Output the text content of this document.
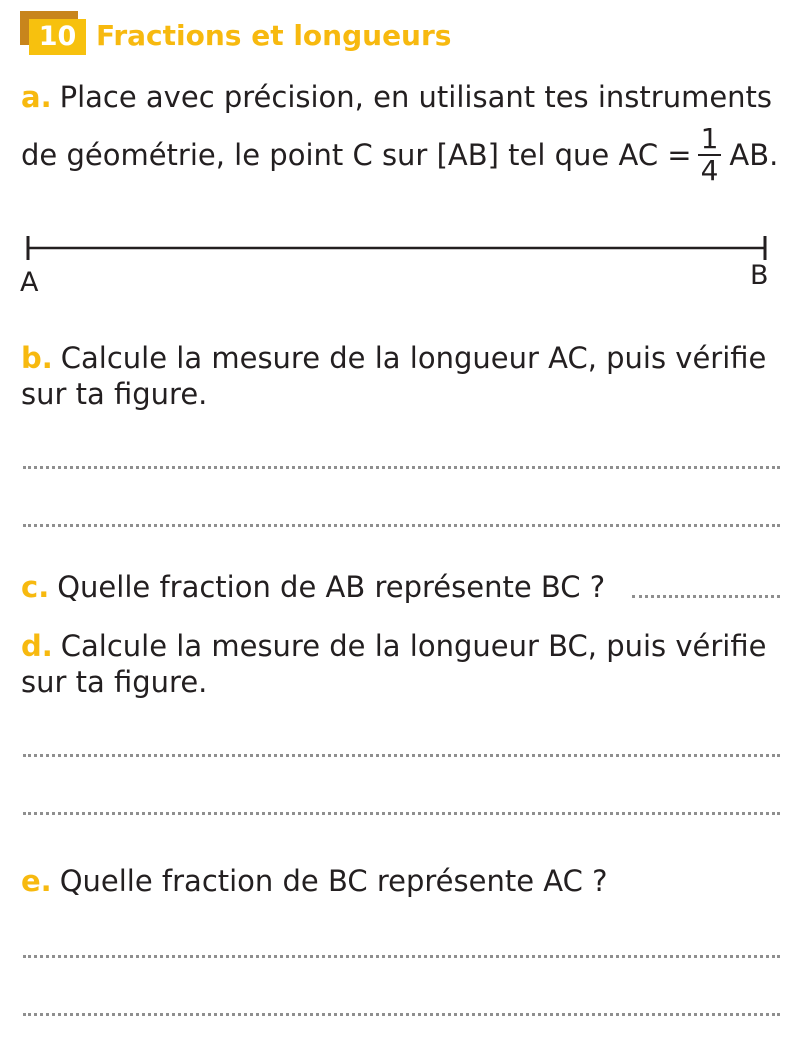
10 Fractions et longueurs
a. Place avec précision, en utilisant tes instruments
de géométrie, le point C sur [AB] tel que AC = $\frac{1}{4}$ AB.
A	B
b. Calcule la mesure de la longueur AC, puis vérifie
sur ta figure.
c. Quelle fraction de AB représente BC ?
d. Calcule la mesure de la longueur BC, puis vérifie
sur ta figure.
e. Quelle fraction de BC représente AC ?
